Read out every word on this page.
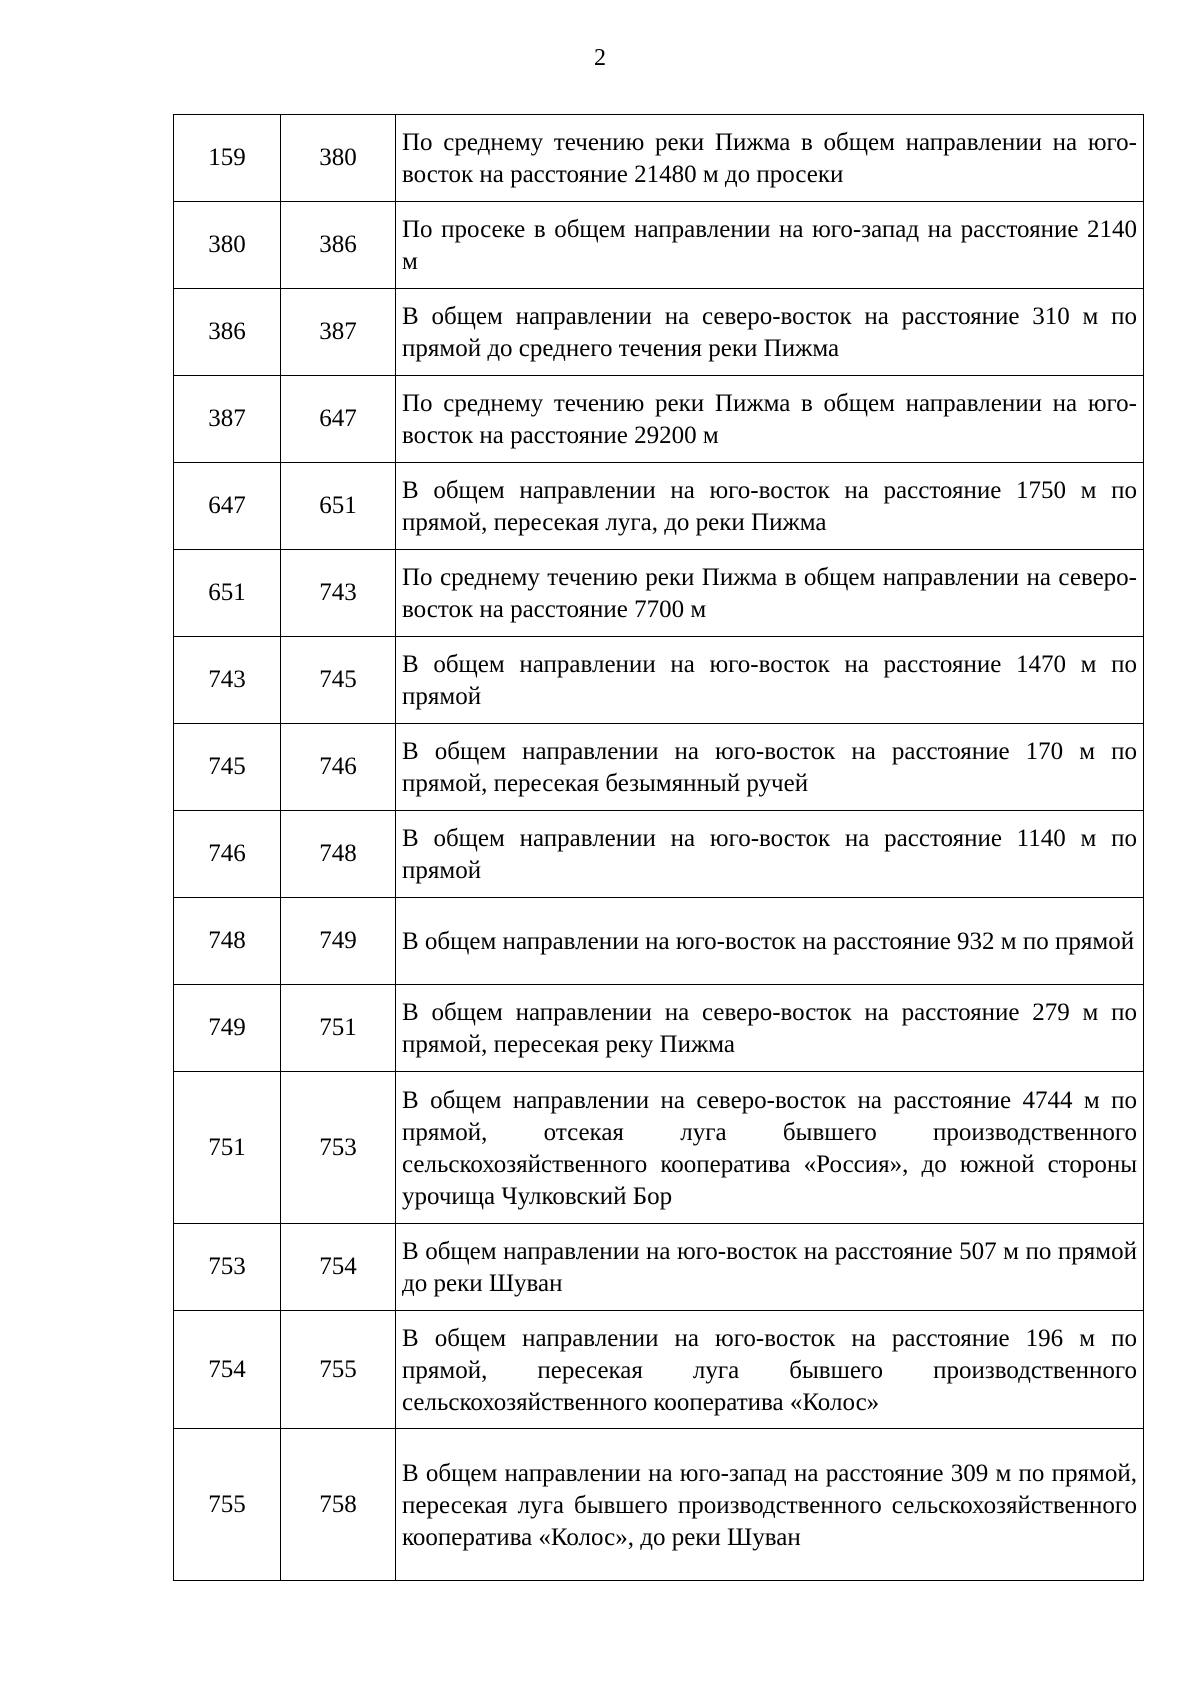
2
159	380	По среднему течению реки Пижма в общем направлении на юго-восток на расстояние 21480 м до просеки
380	386	По просеке в общем направлении на юго-запад на расстояние 2140 м
386	387	В общем направлении на северо-восток на расстояние 310 м по прямой до среднего течения реки Пижма
387	647	По среднему течению реки Пижма в общем направлении на юго-восток на расстояние 29200 м
647	651	В общем направлении на юго-восток на расстояние 1750 м по прямой, пересекая луга, до реки Пижма
651	743	По среднему течению реки Пижма в общем направлении на северо-восток на расстояние 7700 м
743	745	В общем направлении на юго-восток на расстояние 1470 м по прямой
745	746	В общем направлении на юго-восток на расстояние 170 м по прямой, пересекая безымянный ручей
746	748	В общем направлении на юго-восток на расстояние 1140 м по прямой
748	749	В общем направлении на юго-восток на расстояние 932 м по прямой
749	751	В общем направлении на северо-восток на расстояние 279 м по прямой, пересекая реку Пижма
751	753	В общем направлении на северо-восток на расстояние 4744 м по прямой, отсекая луга бывшего производственного сельскохозяйственного кооператива «Россия», до южной стороны урочища Чулковский Бор
753	754	В общем направлении на юго-восток на расстояние 507 м по прямой до реки Шуван
754	755	В общем направлении на юго-восток на расстояние 196 м по прямой, пересекая луга бывшего производственного сельскохозяйственного кооператива «Колос»
755	758	В общем направлении на юго-запад на расстояние 309 м по прямой, пересекая луга бывшего производственного сельскохозяйственного кооператива «Колос», до реки Шуван
